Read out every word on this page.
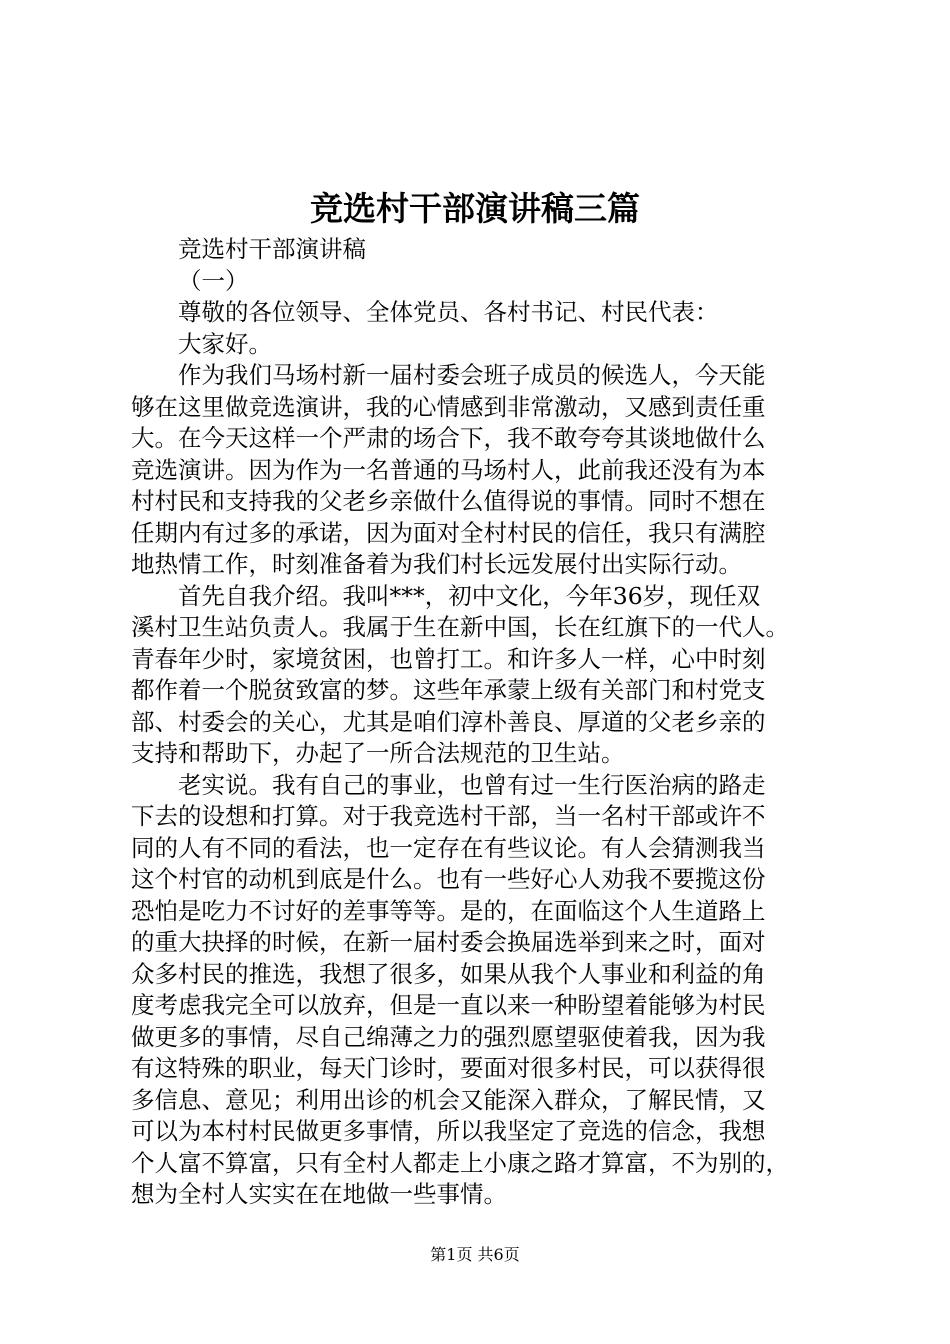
竞选村干部演讲稿三篇
竞选村干部演讲稿
（一）
尊敬的各位领导、全体党员、各村书记、村民代表：
大家好。
作为我们马场村新一届村委会班子成员的候选人，今天能
够在这里做竞选演讲，我的心情感到非常激动，又感到责任重
大。在今天这样一个严肃的场合下，我不敢夸夸其谈地做什么
竞选演讲。因为作为一名普通的马场村人，此前我还没有为本
村村民和支持我的父老乡亲做什么值得说的事情。同时不想在
任期内有过多的承诺，因为面对全村村民的信任，我只有满腔
地热情工作，时刻准备着为我们村长远发展付出实际行动。
首先自我介绍。我叫***，初中文化，今年36岁，现任双
溪村卫生站负责人。我属于生在新中国，长在红旗下的一代人。
青春年少时，家境贫困，也曾打工。和许多人一样，心中时刻
都作着一个脱贫致富的梦。这些年承蒙上级有关部门和村党支
部、村委会的关心，尤其是咱们淳朴善良、厚道的父老乡亲的
支持和帮助下，办起了一所合法规范的卫生站。
老实说。我有自己的事业，也曾有过一生行医治病的路走
下去的设想和打算。对于我竞选村干部，当一名村干部或许不
同的人有不同的看法，也一定存在有些议论。有人会猜测我当
这个村官的动机到底是什么。也有一些好心人劝我不要揽这份
恐怕是吃力不讨好的差事等等。是的，在面临这个人生道路上
的重大抉择的时候，在新一届村委会换届选举到来之时，面对
众多村民的推选，我想了很多，如果从我个人事业和利益的角
度考虑我完全可以放弃，但是一直以来一种盼望着能够为村民
做更多的事情，尽自己绵薄之力的强烈愿望驱使着我，因为我
有这特殊的职业，每天门诊时，要面对很多村民，可以获得很
多信息、意见；利用出诊的机会又能深入群众，了解民情，又
可以为本村村民做更多事情，所以我坚定了竞选的信念，我想
个人富不算富，只有全村人都走上小康之路才算富，不为别的，
想为全村人实实在在地做一些事情。
第1页 共6页
